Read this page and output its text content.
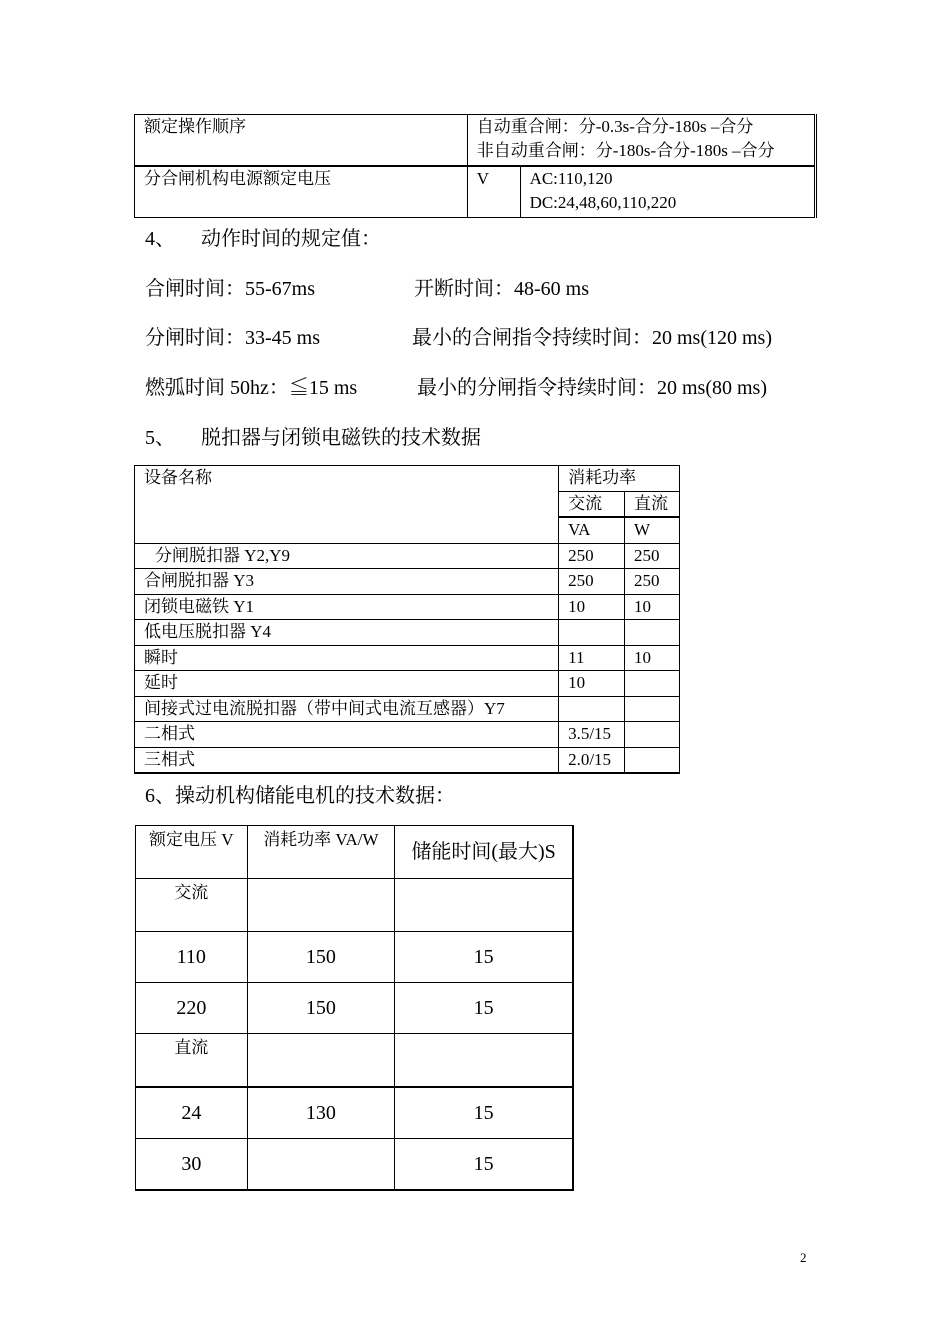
额定操作顺序	自动重合闸：分-0.3s-合分-180s –合分
非自动重合闸：分-180s-合分-180s –合分	

分合闸机构电源额定电压	V	AC:110,120
DC:24,48,60,110,220
4、 动作时间的规定值：
合闸时间：55-67ms	开断时间：48-60 ms
分闸时间：33-45 ms	最小的合闸指令持续时间：20 ms(120 ms)
燃弧时间 50hz：≦15 ms	最小的分闸指令持续时间：20 ms(80 ms)
5、 脱扣器与闭锁电磁铁的技术数据
设备名称	消耗功率	
	交流	直流
	VA	W
分闸脱扣器 Y2,Y9	250	250
合闸脱扣器 Y3	250	250
闭锁电磁铁 Y1	10	10
低电压脱扣器 Y4		
瞬时	11	10
延时	10	
间接式过电流脱扣器（带中间式电流互感器）Y7		
二相式	3.5/15	
三相式	2.0/15	
6、操动机构储能电机的技术数据：
额定电压 V	消耗功率 VA/W	储能时间(最大)S
交流		
110	150	15
220	150	15
直流		
24	130	15
30		15
2
